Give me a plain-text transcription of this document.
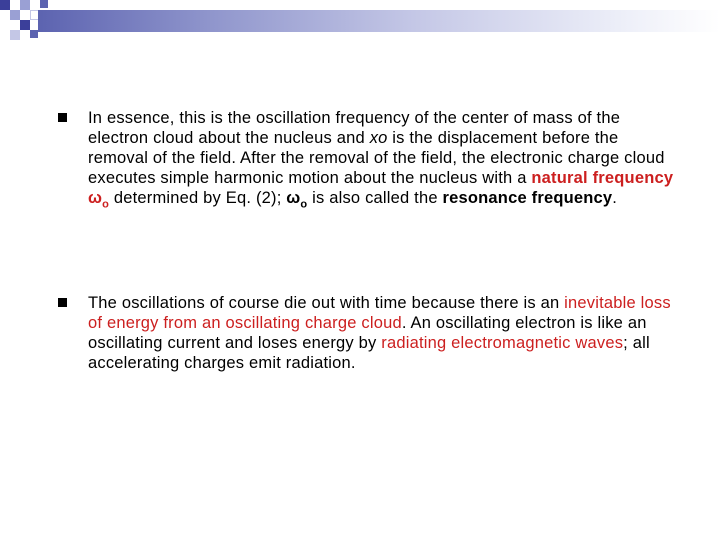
In essence, this is the oscillation frequency of the center of mass of the electron cloud about the nucleus and xo is the displacement before the removal of the field. After the removal of the field, the electronic charge cloud executes simple harmonic motion about the nucleus with a natural frequency $\omega_o$ determined by Eq. (2); $\omega_o$ is also called the resonance frequency.
The oscillations of course die out with time because there is an inevitable loss of energy from an oscillating charge cloud. An oscillating electron is like an oscillating current and loses energy by radiating electromagnetic waves; all accelerating charges emit radiation.
